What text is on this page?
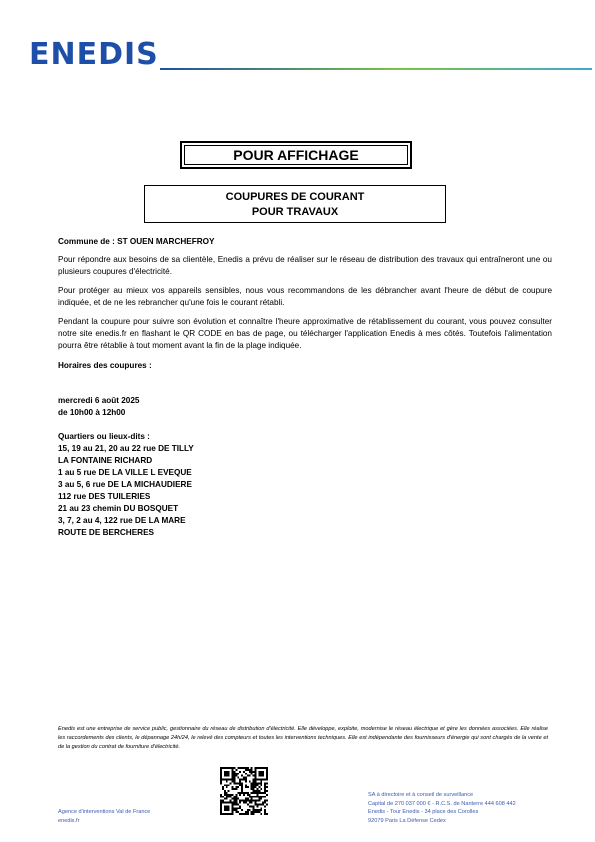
ENEDIS
POUR AFFICHAGE
COUPURES DE COURANT
POUR TRAVAUX
Commune de : ST OUEN MARCHEFROY
Pour répondre aux besoins de sa clientèle, Enedis a prévu de réaliser sur le réseau de distribution des travaux qui entraîneront une ou plusieurs coupures d'électricité.
Pour protéger au mieux vos appareils sensibles, nous vous recommandons de les débrancher avant l'heure de début de coupure indiquée, et de ne les rebrancher qu'une fois le courant rétabli.
Pendant la coupure pour suivre son évolution et connaître l'heure approximative de rétablissement du courant, vous pouvez consulter notre site enedis.fr en flashant le QR CODE en bas de page, ou télécharger l'application Enedis à mes côtés. Toutefois l'alimentation pourra être rétablie à tout moment avant la fin de la plage indiquée.
Horaires des coupures :
mercredi 6 août 2025
de 10h00 à 12h00
Quartiers ou lieux-dits :
15, 19 au 21, 20 au 22 rue DE TILLY
LA FONTAINE RICHARD
1 au 5 rue DE LA VILLE L EVEQUE
3 au 5, 6 rue DE LA MICHAUDIERE
112 rue DES TUILERIES
21 au 23 chemin DU BOSQUET
3, 7, 2 au 4, 122 rue DE LA MARE
ROUTE DE BERCHERES
Enedis est une entreprise de service public, gestionnaire du réseau de distribution d'électricité. Elle développe, exploite, modernise le réseau électrique et gère les données associées. Elle réalise les raccordements des clients, le dépannage 24h/24, le relevé des compteurs et toutes les interventions techniques. Elle est indépendante des fournisseurs d'énergie qui sont chargés de la vente et de la gestion du contrat de fourniture d'électricité.
Agence d'interventions Val de France
enedis.fr
SA à directoire et à conseil de surveillance
Capital de 270 037 000 € - R.C.S. de Nanterre 444 608 442
Enedis - Tour Enedis - 34 place des Corolles
92079 Paris La Défense Cedex
